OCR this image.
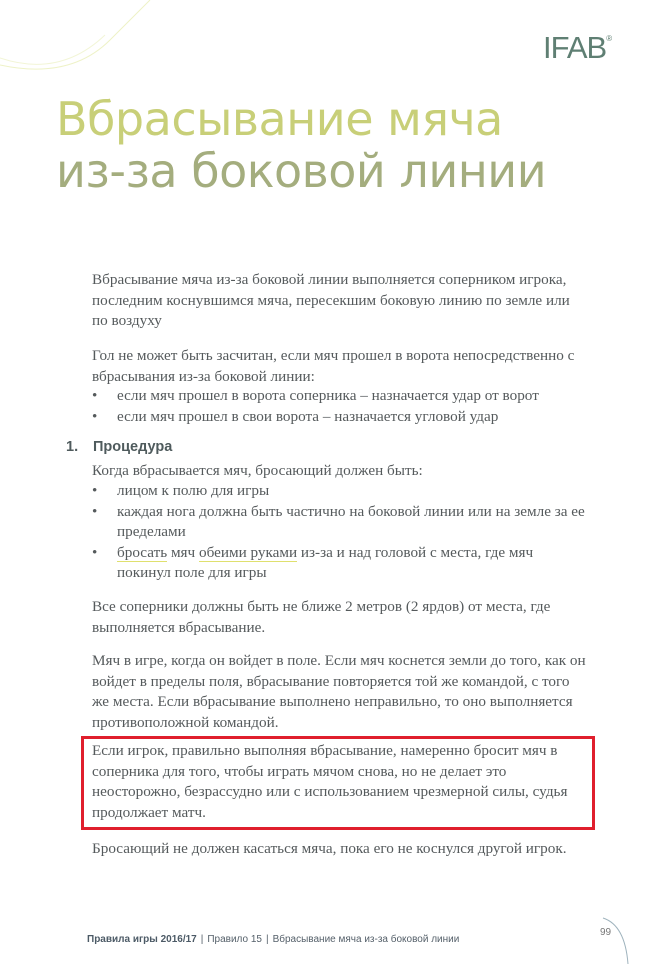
IFAB®
Вбрасывание мяча
из-за боковой линии

Вбрасывание мяча из-за боковой линии выполняется соперником игрока, последним коснувшимся мяча, пересекшим боковую линию по земле или по воздуху

Гол не может быть засчитан, если мяч прошел в ворота непосредственно с вбрасывания из-за боковой линии:

• если мяч прошел в ворота соперника – назначается удар от ворот
• если мяч прошел в свои ворота – назначается угловой удар
1. Процедура

Когда вбрасывается мяч, бросающий должен быть:

• лицом к полю для игры
• каждая нога должна быть частично на боковой линии или на земле за ее пределами
• бросать мяч обеими руками из-за и над головой с места, где мяч покинул поле для игры

Все соперники должны быть не ближе 2 метров (2 ярдов) от места, где выполняется вбрасывание.

Мяч в игре, когда он войдет в поле. Если мяч коснется земли до того, как он войдет в пределы поля, вбрасывание повторяется той же командой, с того же места. Если вбрасывание выполнено неправильно, то оно выполняется противоположной командой.

Если игрок, правильно выполняя вбрасывание, намеренно бросит мяч в соперника для того, чтобы играть мячом снова, но не делает это неосторожно, безрассудно или с использованием чрезмерной силы, судья продолжает матч.

Бросающий не должен касаться мяча, пока его не коснулся другой игрок.

Правила игры 2016/17 | Правило 15 | Вбрасывание мяча из-за боковой линии
99
